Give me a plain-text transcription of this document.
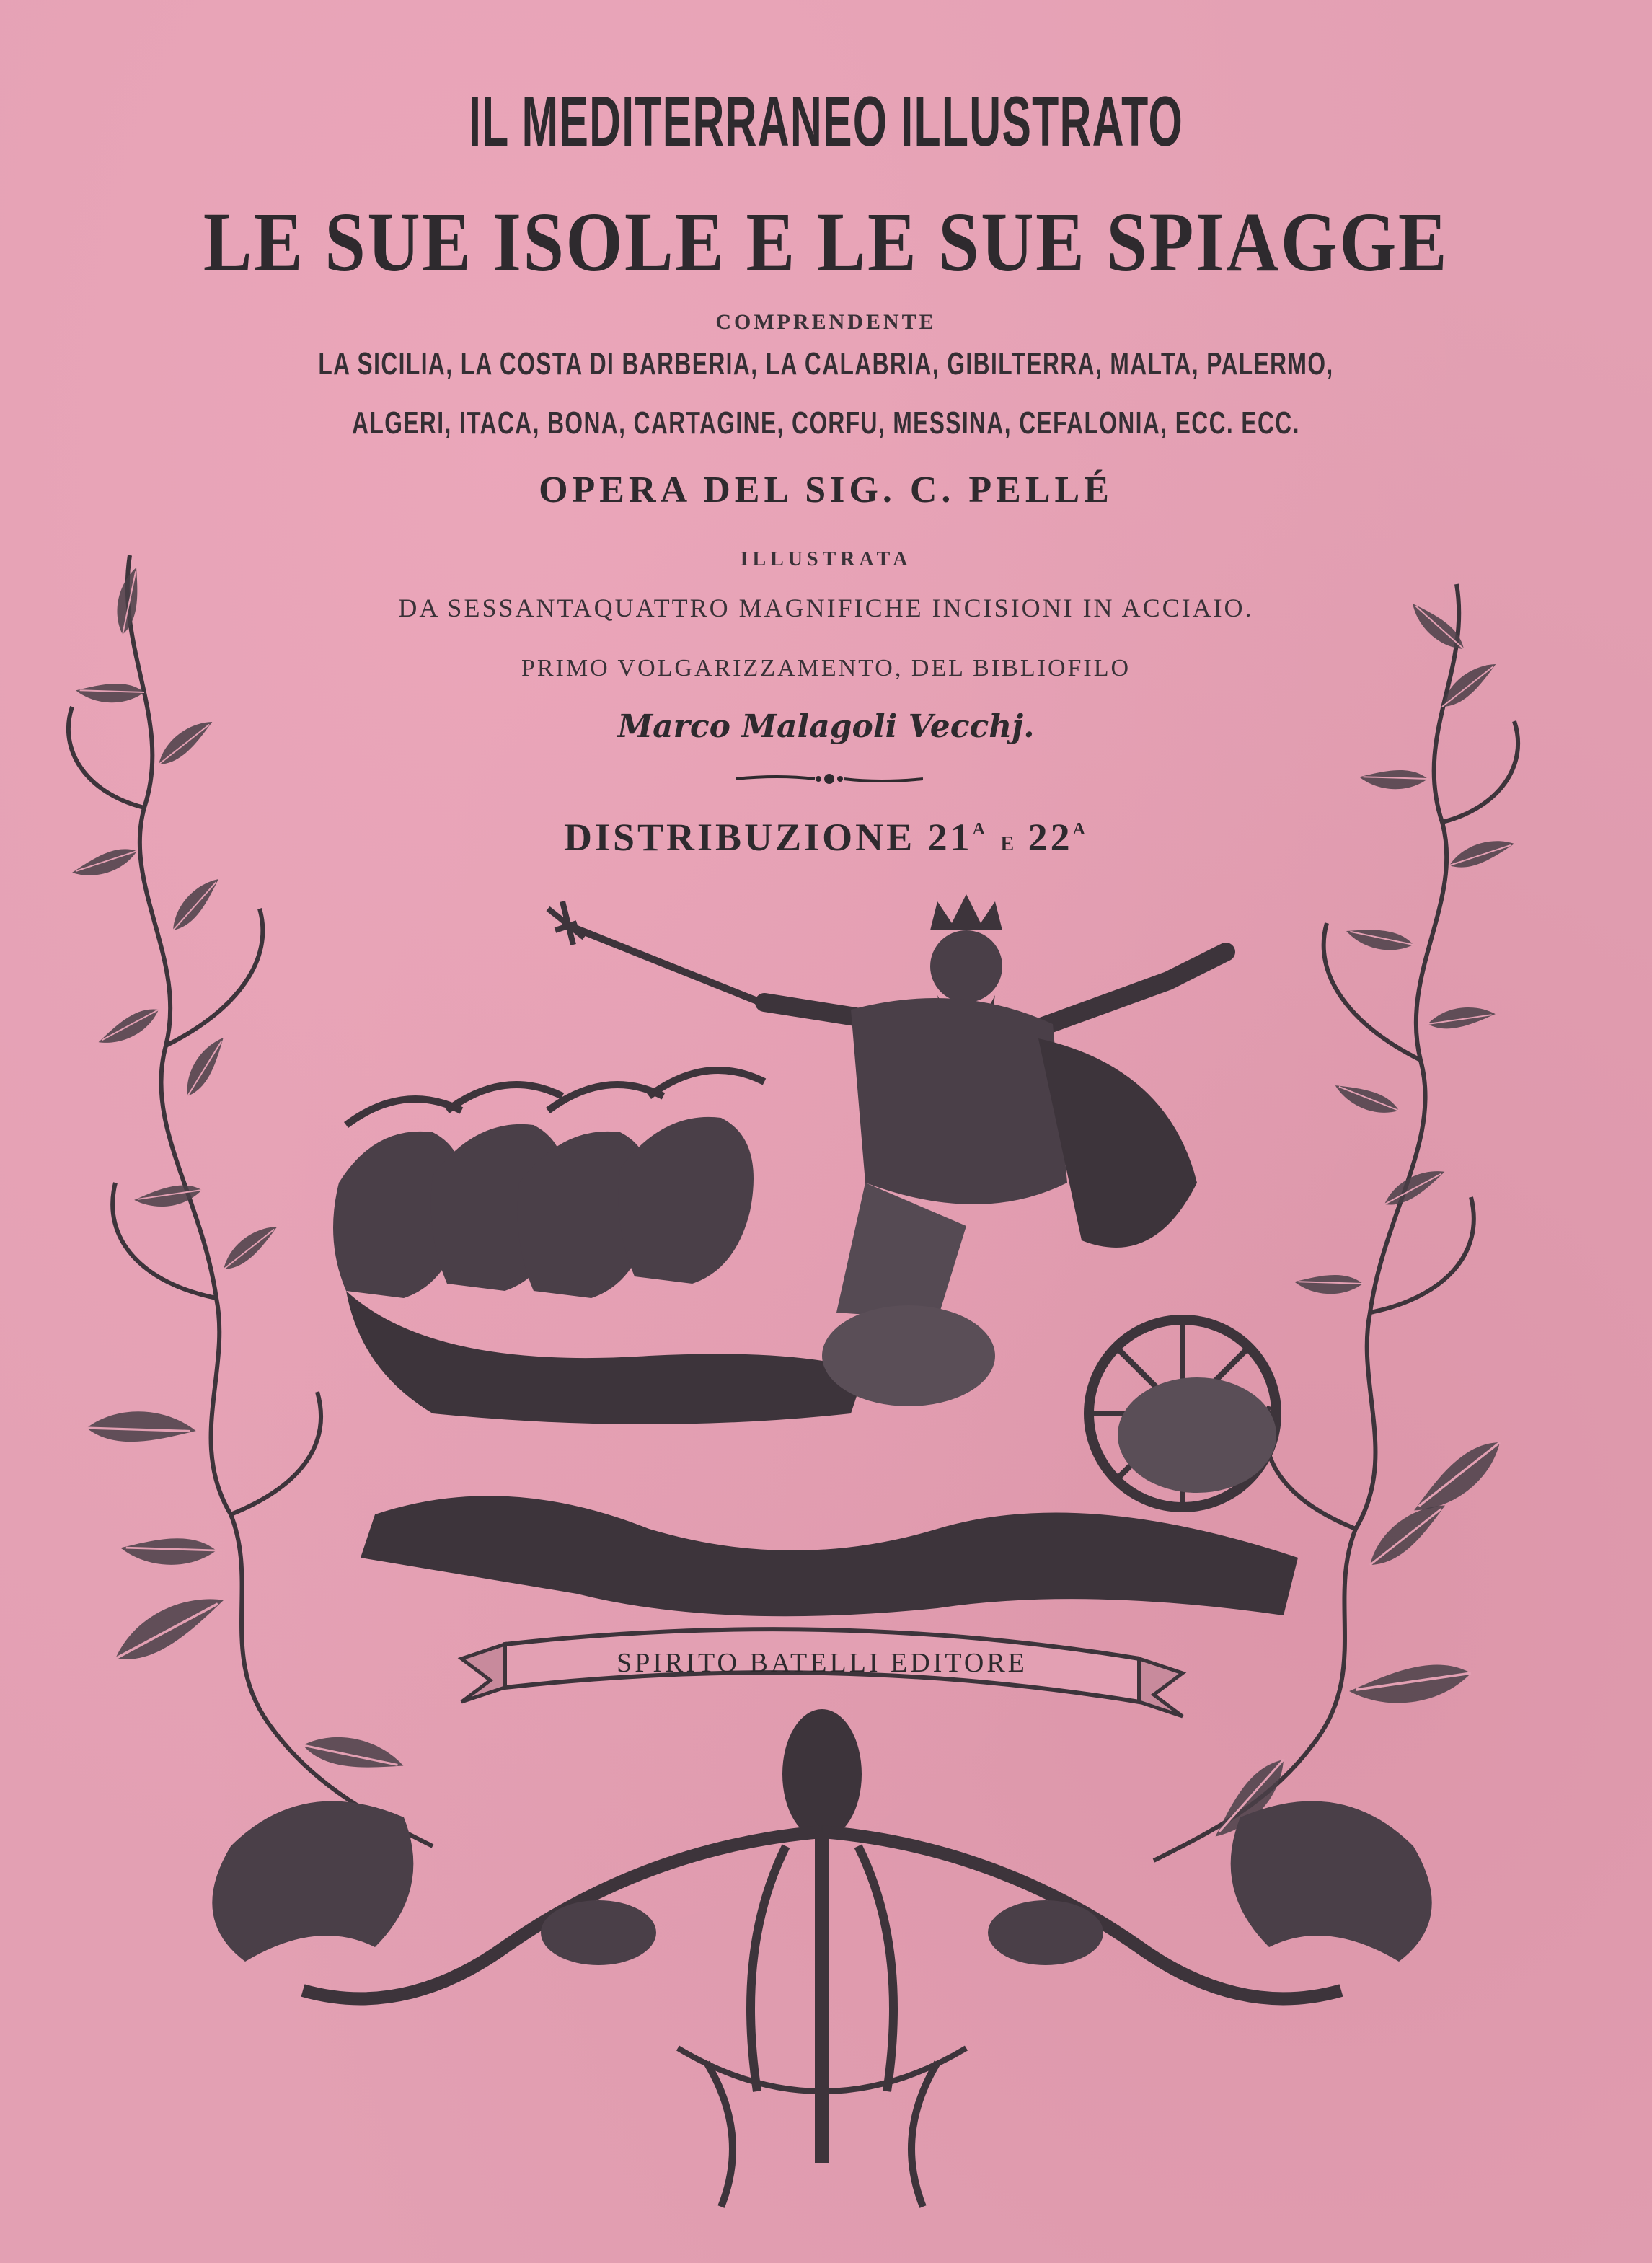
IL MEDITERRANEO ILLUSTRATO
LE SUE ISOLE E LE SUE SPIAGGE
COMPRENDENTE
LA SICILIA, LA COSTA DI BARBERIA, LA CALABRIA, GIBILTERRA, MALTA, PALERMO,
ALGERI, ITACA, BONA, CARTAGINE, CORFU, MESSINA, CEFALONIA, ECC. ECC.
OPERA DEL SIG. C. PELLÉ
ILLUSTRATA
DA SESSANTAQUATTRO MAGNIFICHE INCISIONI IN ACCIAIO.
PRIMO VOLGARIZZAMENTO, DEL BIBLIOFILO
Marco Malagoli Vecchj.
DISTRIBUZIONE $21^A$ E $22^A$
SPIRITO BATELLI EDITORE
